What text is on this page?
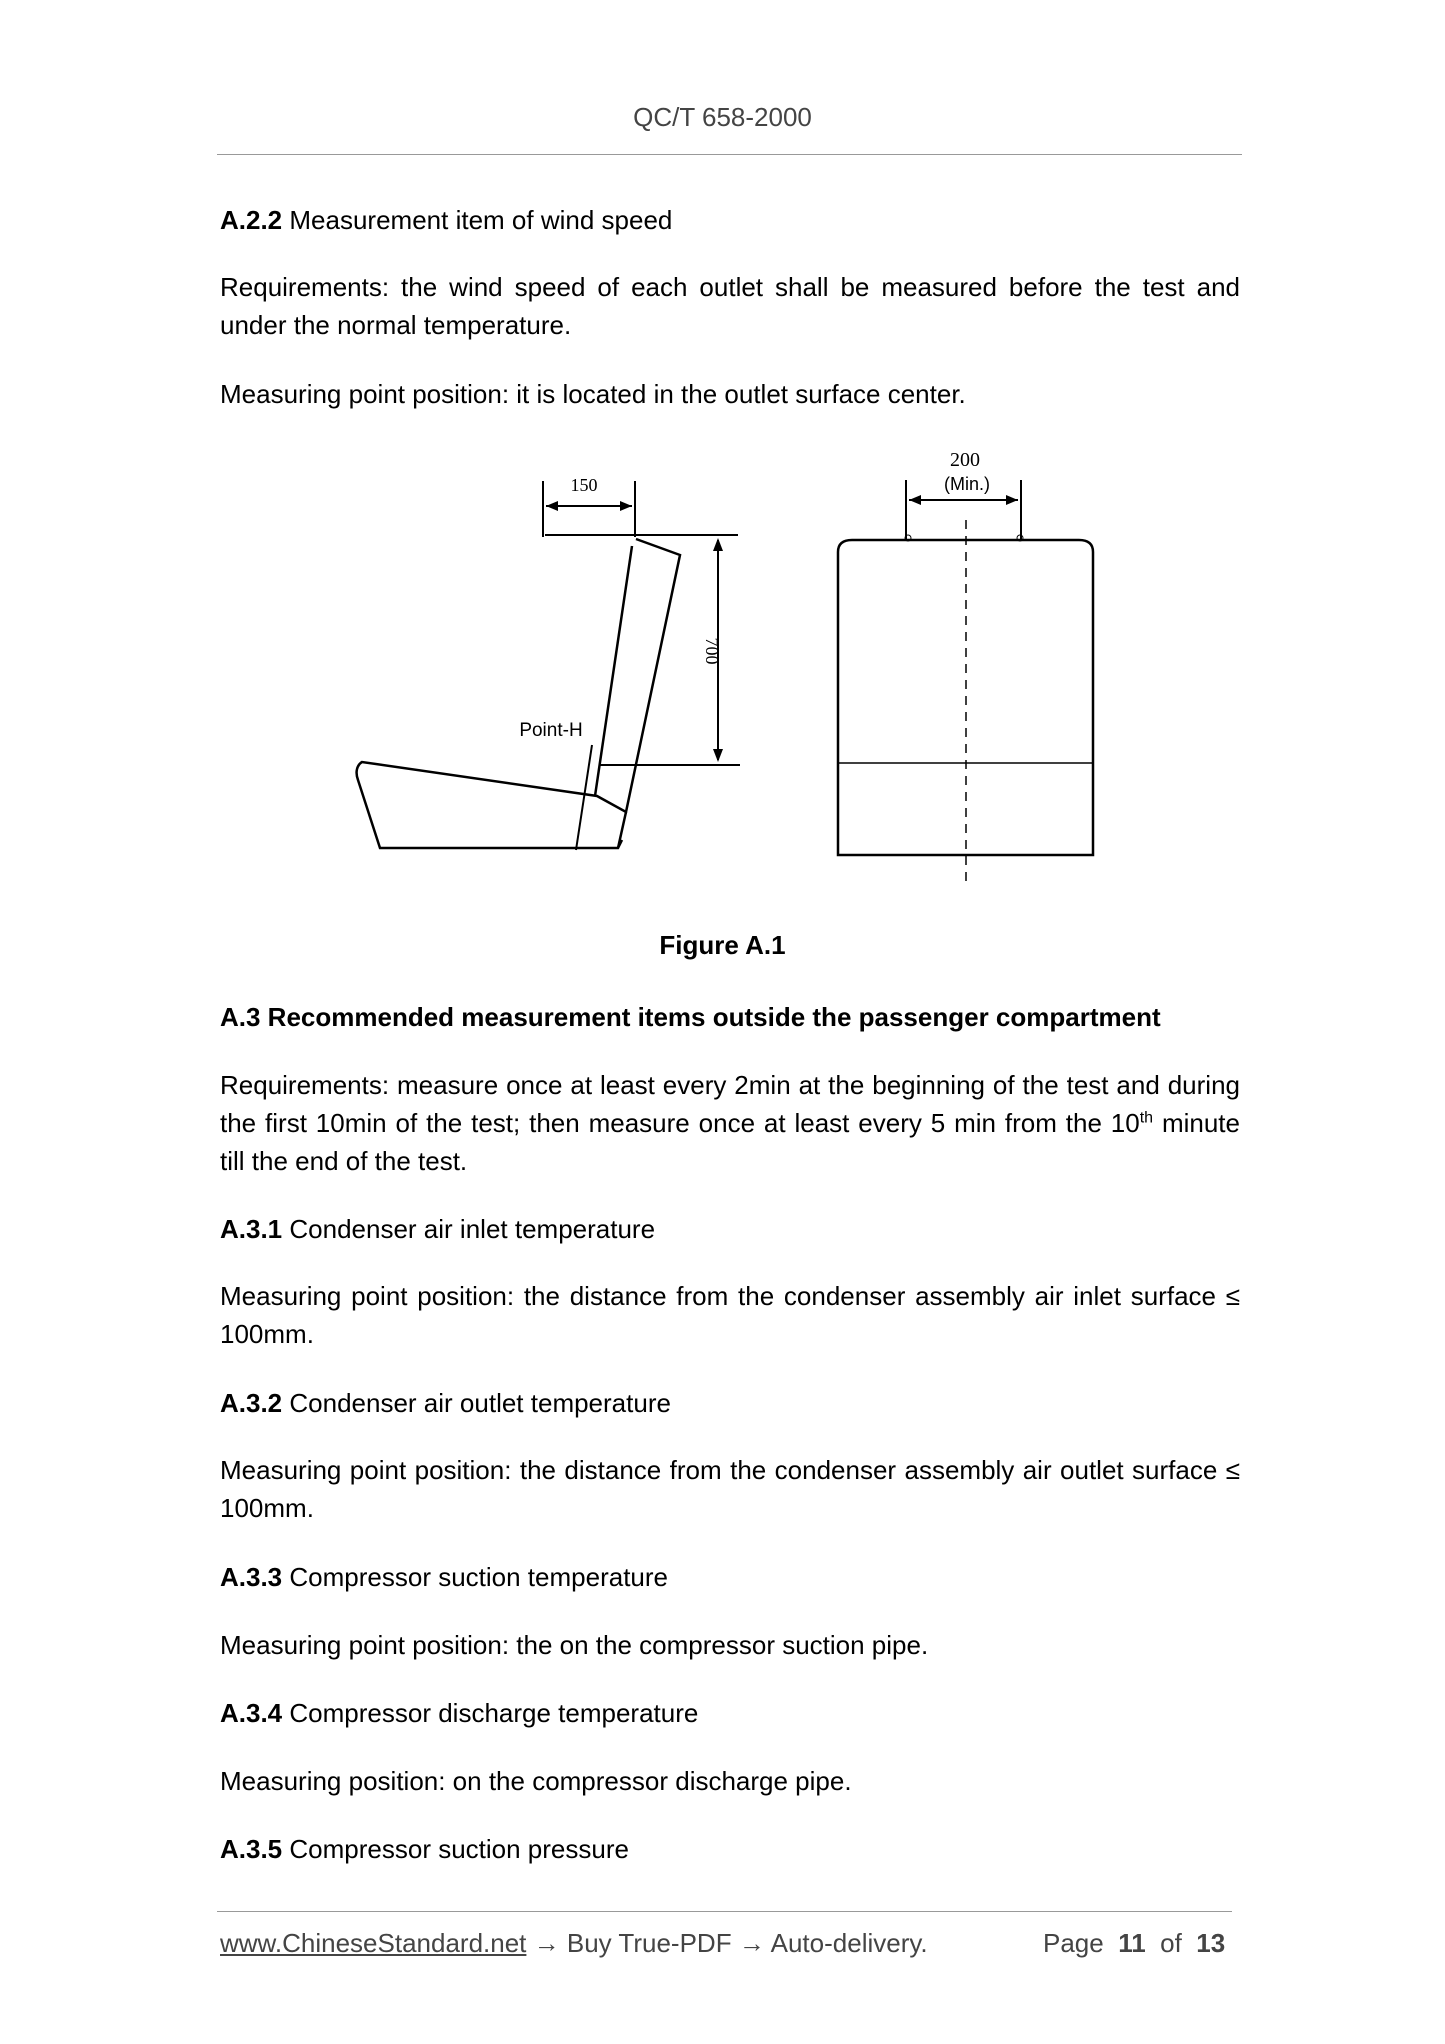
QC/T 658-2000
A.2.2 Measurement item of wind speed
Requirements: the wind speed of each outlet shall be measured before the test and under the normal temperature.
Measuring point position: it is located in the outlet surface center.
150
700
200
(Min.)
Point-H
Figure A.1
A.3 Recommended measurement items outside the passenger compartment
Requirements: measure once at least every 2min at the beginning of the test and during the first 10min of the test; then measure once at least every 5 min from the 10th minute till the end of the test.
A.3.1 Condenser air inlet temperature
Measuring point position: the distance from the condenser assembly air inlet surface ≤ 100mm.
A.3.2 Condenser air outlet temperature
Measuring point position: the distance from the condenser assembly air outlet surface ≤ 100mm.
A.3.3 Compressor suction temperature
Measuring point position: the on the compressor suction pipe.
A.3.4 Compressor discharge temperature
Measuring position: on the compressor discharge pipe.
A.3.5 Compressor suction pressure
www.ChineseStandard.net → Buy True-PDF → Auto-delivery.	Page 11 of 13
